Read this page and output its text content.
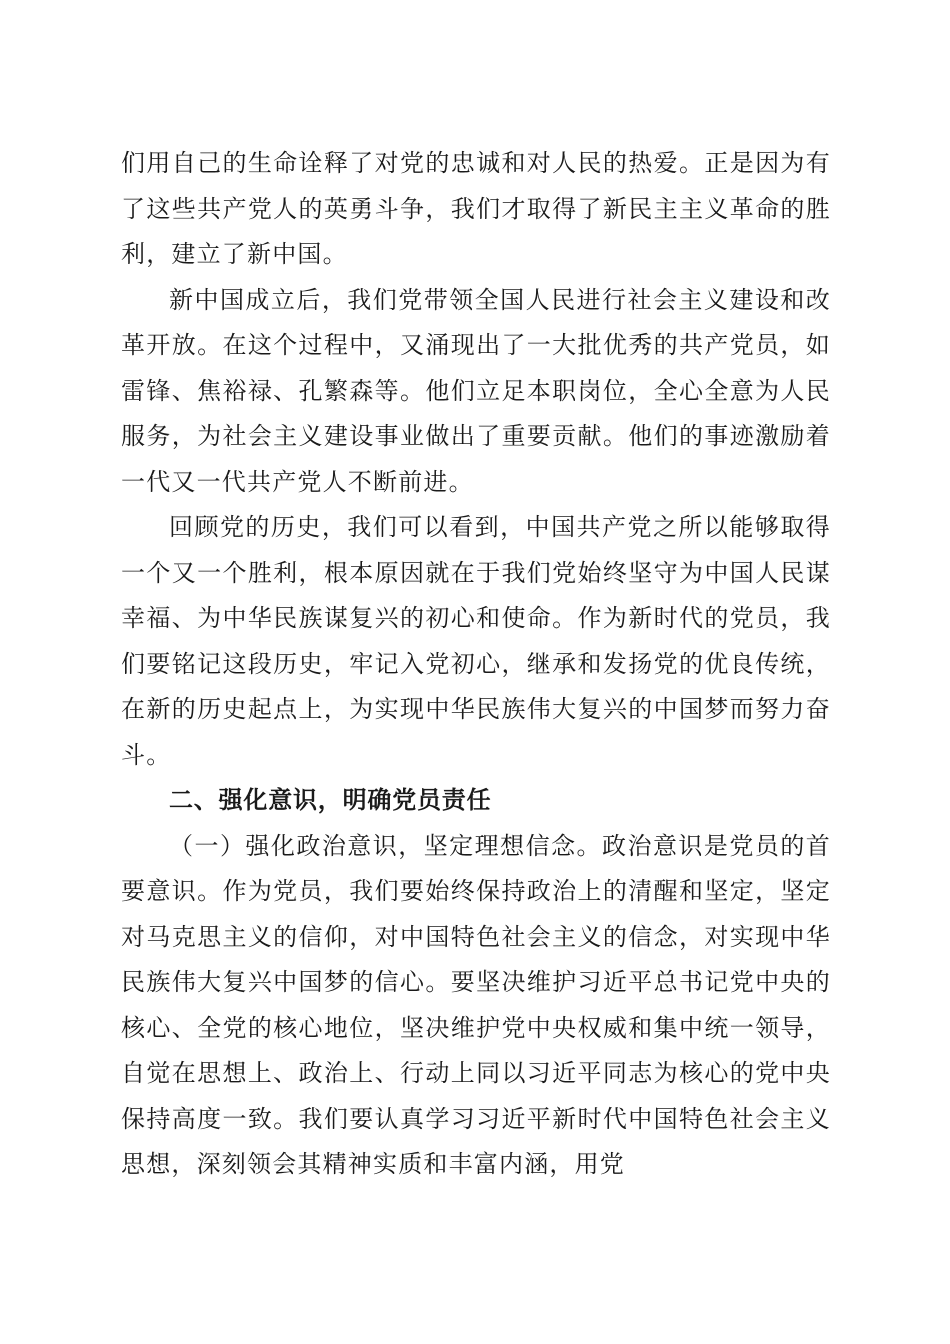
们用自己的生命诠释了对党的忠诚和对人民的热爱。正是因为有了这些共产党人的英勇斗争，我们才取得了新民主主义革命的胜利，建立了新中国。

新中国成立后，我们党带领全国人民进行社会主义建设和改革开放。在这个过程中，又涌现出了一大批优秀的共产党员，如雷锋、焦裕禄、孔繁森等。他们立足本职岗位，全心全意为人民服务，为社会主义建设事业做出了重要贡献。他们的事迹激励着一代又一代共产党人不断前进。

回顾党的历史，我们可以看到，中国共产党之所以能够取得一个又一个胜利，根本原因就在于我们党始终坚守为中国人民谋幸福、为中华民族谋复兴的初心和使命。作为新时代的党员，我们要铭记这段历史，牢记入党初心，继承和发扬党的优良传统，在新的历史起点上，为实现中华民族伟大复兴的中国梦而努力奋斗。

二、强化意识，明确党员责任

（一）强化政治意识，坚定理想信念。政治意识是党员的首要意识。作为党员，我们要始终保持政治上的清醒和坚定，坚定对马克思主义的信仰，对中国特色社会主义的信念，对实现中华民族伟大复兴中国梦的信心。要坚决维护习近平总书记党中央的核心、全党的核心地位，坚决维护党中央权威和集中统一领导，自觉在思想上、政治上、行动上同以习近平同志为核心的党中央保持高度一致。我们要认真学习习近平新时代中国特色社会主义思想，深刻领会其精神实质和丰富内涵，用党
